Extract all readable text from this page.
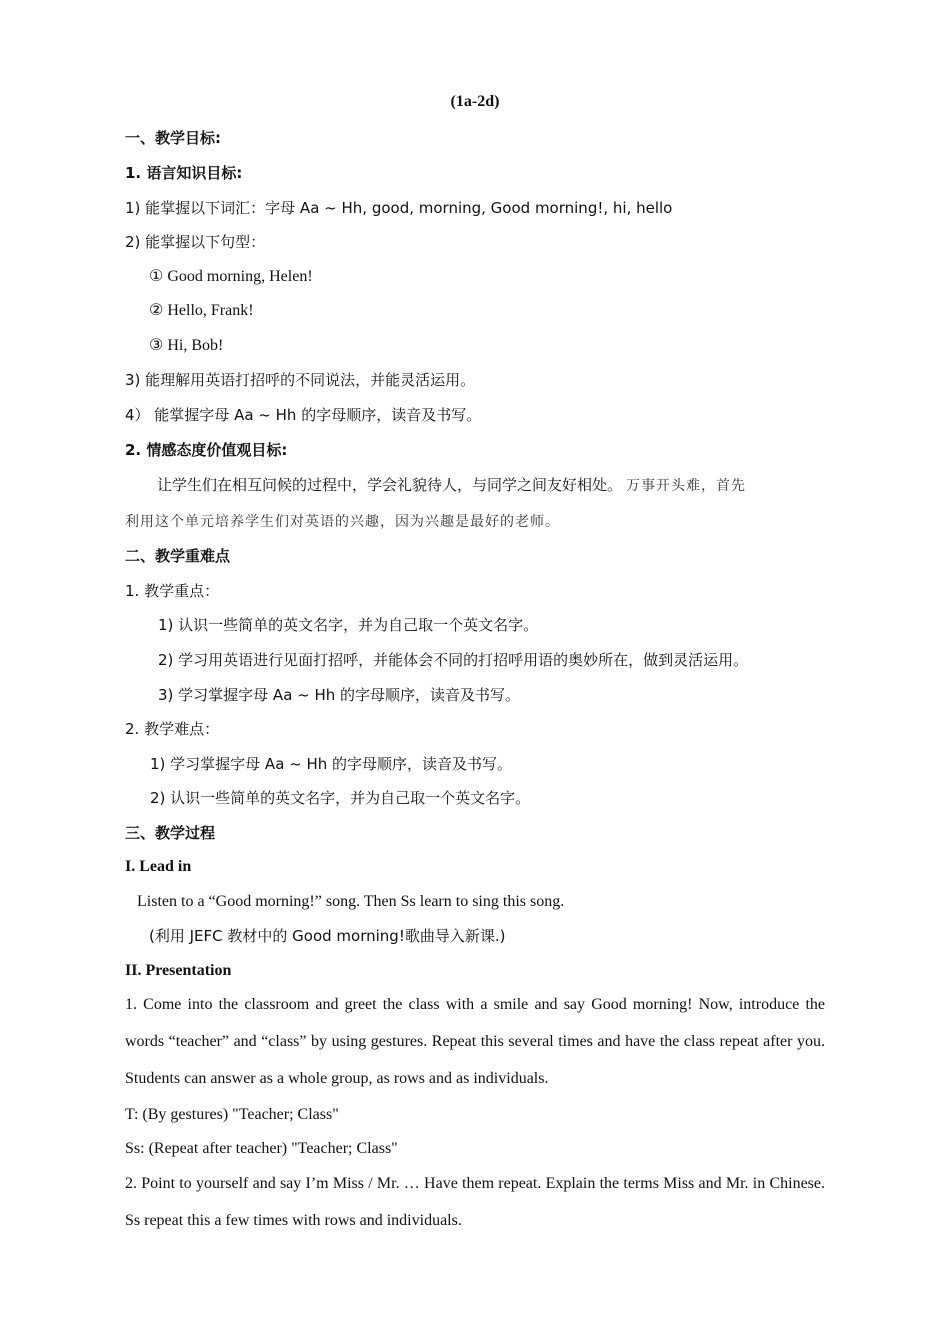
(1a-2d)
一、教学目标:
1. 语言知识目标:
1) 能掌握以下词汇：字母 Aa ~ Hh, good, morning, Good morning!, hi, hello
2) 能掌握以下句型：
① Good morning, Helen!
② Hello, Frank!
③ Hi, Bob!
3) 能理解用英语打招呼的不同说法，并能灵活运用。
4） 能掌握字母 Aa ~ Hh 的字母顺序，读音及书写。
2. 情感态度价值观目标:
让学生们在相互问候的过程中，学会礼貌待人，与同学之间友好相处。 万事开头难，首先
利用这个单元培养学生们对英语的兴趣，因为兴趣是最好的老师。
二、教学重难点
1. 教学重点：
1) 认识一些简单的英文名字，并为自己取一个英文名字。
2) 学习用英语进行见面打招呼，并能体会不同的打招呼用语的奥妙所在，做到灵活运用。
3) 学习掌握字母 Aa ~ Hh 的字母顺序，读音及书写。
2. 教学难点：
1) 学习掌握字母 Aa ~ Hh 的字母顺序，读音及书写。
2) 认识一些简单的英文名字，并为自己取一个英文名字。
三、教学过程
I. Lead in
Listen to a “Good morning!” song. Then Ss learn to sing this song.
(利用 JEFC 教材中的 Good morning!歌曲导入新课.)
II. Presentation
1. Come into the classroom and greet the class with a smile and say Good morning! Now, introduce the words “teacher” and “class” by using gestures. Repeat this several times and have the class repeat after you. Students can answer as a whole group, as rows and as individuals.
T: (By gestures) "Teacher; Class"
Ss: (Repeat after teacher) "Teacher; Class"
2. Point to yourself and say I’m Miss / Mr. … Have them repeat. Explain the terms Miss and Mr. in Chinese. Ss repeat this a few times with rows and individuals.
